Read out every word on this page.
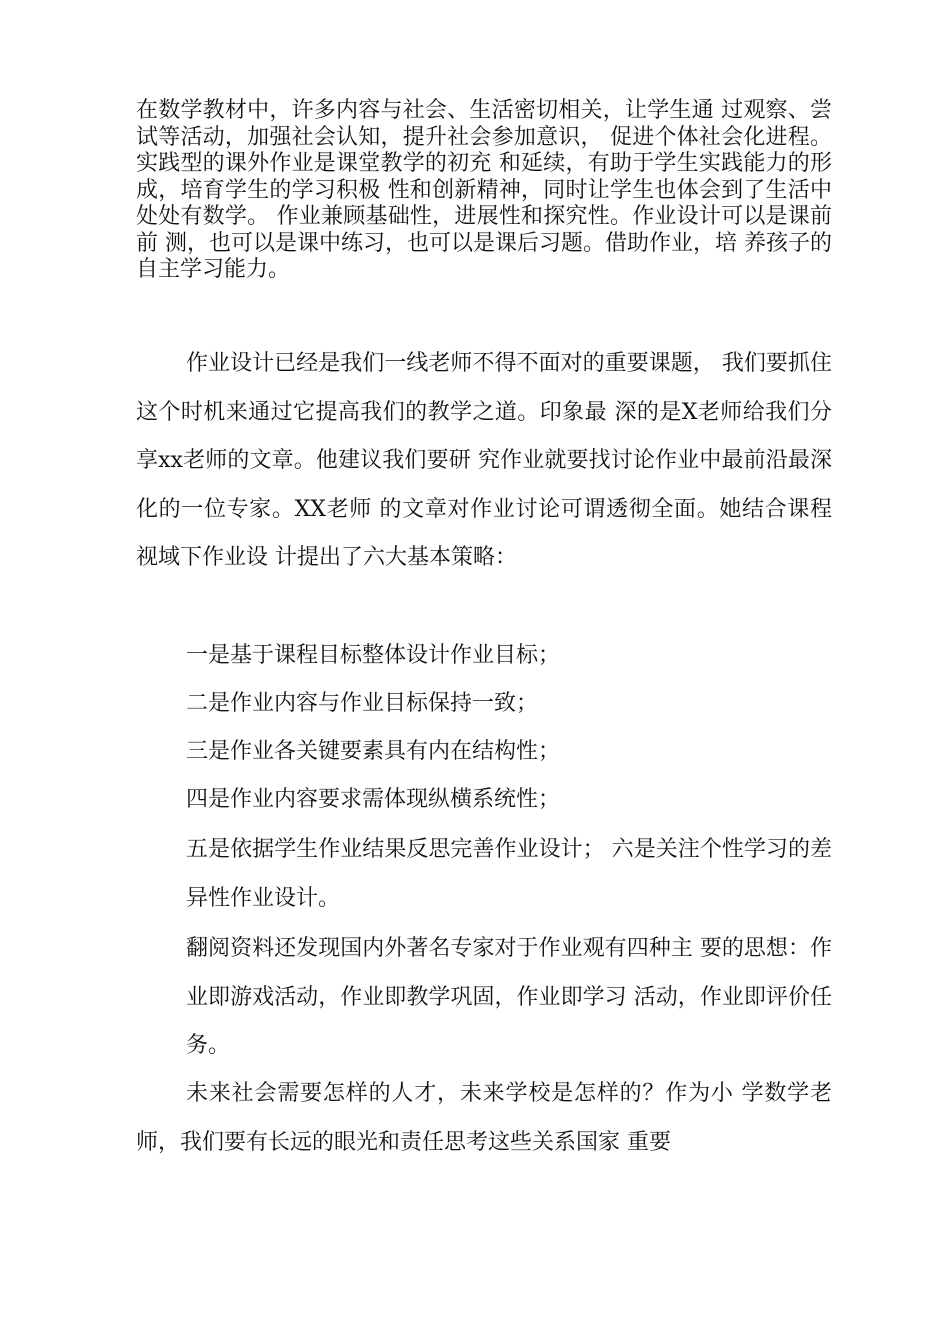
在数学教材中，许多内容与社会、生活密切相关，让学生通 过观察、尝试等活动，加强社会认知，提升社会参加意识， 促进个体社会化进程。实践型的课外作业是课堂教学的初充 和延续，有助于学生实践能力的形成，培育学生的学习积极 性和创新精神，同时让学生也体会到了生活中处处有数学。 作业兼顾基础性，进展性和探究性。作业设计可以是课前前 测，也可以是课中练习，也可以是课后习题。借助作业，培 养孩子的自主学习能力。

作业设计已经是我们一线老师不得不面对的重要课题， 我们要抓住这个时机来通过它提高我们的教学之道。印象最 深的是X老师给我们分享xx老师的文章。他建议我们要研 究作业就要找讨论作业中最前沿最深化的一位专家。XX老师 的文章对作业讨论可谓透彻全面。她结合课程视域下作业设 计提出了六大基本策略：

一是基于课程目标整体设计作业目标；

二是作业内容与作业目标保持一致；

三是作业各关键要素具有内在结构性；

四是作业内容要求需体现纵横系统性；

五是依据学生作业结果反思完善作业设计； 六是关注个性学习的差异性作业设计。

翻阅资料还发现国内外著名专家对于作业观有四种主 要的思想：作业即游戏活动，作业即教学巩固，作业即学习 活动，作业即评价任务。

未来社会需要怎样的人才，未来学校是怎样的？作为小 学数学老师，我们要有长远的眼光和责任思考这些关系国家 重要
